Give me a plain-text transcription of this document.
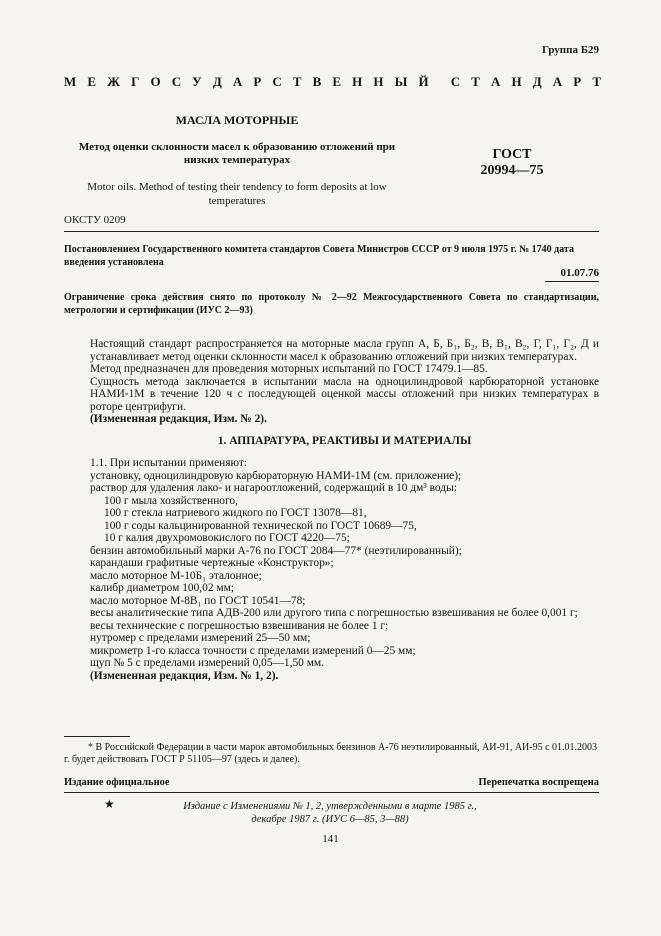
Группа Б29
М Е Ж Г О С У Д А Р С Т В Е Н Н Ы Й С Т А Н Д А Р Т
МАСЛА МОТОРНЫЕ
Метод оценки склонности масел к образованию отложений при низких температурах	ГОСТ
20994—75
Motor oils. Method of testing their tendency to form deposits at low temperatures
ОКСТУ 0209
Постановлением Государственного комитета стандартов Совета Министров СССР от 9 июля 1975 г. № 1740 дата введения установлена
01.07.76
Ограничение срока действия снято по протоколу № 2—92 Межгосударственного Совета по стандартизации, метрологии и сертификации (ИУС 2—93)

Настоящий стандарт распространяется на моторные масла групп А, Б, Б₁, Б₂, В, В₁, В₂, Г, Г₁, Г₂, Д и устанавливает метод оценки склонности масел к образованию отложений при низких температурах.

Метод предназначен для проведения моторных испытаний по ГОСТ 17479.1—85.

Сущность метода заключается в испытании масла на одноцилиндровой карбюраторной установке НАМИ-1М в течение 120 ч с последующей оценкой массы отложений при низких температурах в роторе центрифуги.

(Измененная редакция, Изм. № 2).

1. АППАРАТУРА, РЕАКТИВЫ И МАТЕРИАЛЫ

1.1. При испытании применяют:

установку, одноцилиндровую карбюраторную НАМИ-1М (см. приложение);

раствор для удаления лако- и нагароотложений, содержащий в 10 дм³ воды:

100 г мыла хозяйственного,

100 г стекла натриевого жидкого по ГОСТ 13078—81,

100 г соды кальцинированной технической по ГОСТ 10689—75,

10 г калия двухромовокислого по ГОСТ 4220—75;

бензин автомобильный марки А-76 по ГОСТ 2084—77* (неэтилированный);

карандаши графитные чертежные «Конструктор»;

масло моторное М-10Б₁ эталонное;

калибр диаметром 100,02 мм;

масло моторное М-8В₁ по ГОСТ 10541—78;

весы аналитические типа АДВ-200 или другого типа с погрешностью взвешивания не более 0,001 г;

весы технические с погрешностью взвешивания не более 1 г;

нутромер с пределами измерений 25—50 мм;

микрометр 1-го класса точности с пределами измерений 0—25 мм;

щуп № 5 с пределами измерений 0,05—1,50 мм.

(Измененная редакция, Изм. № 1, 2).

* В Российской Федерации в части марок автомобильных бензинов А-76 неэтилированный, АИ-91, АИ-95 с 01.01.2003 г. будет действовать ГОСТ Р 51105—97 (здесь и далее).
Издание официальное	Перепечатка воспрещена
★	Издание с Изменениями № 1, 2, утвержденными в марте 1985 г.,
декабре 1987 г. (ИУС 6—85, 3—88)
141
